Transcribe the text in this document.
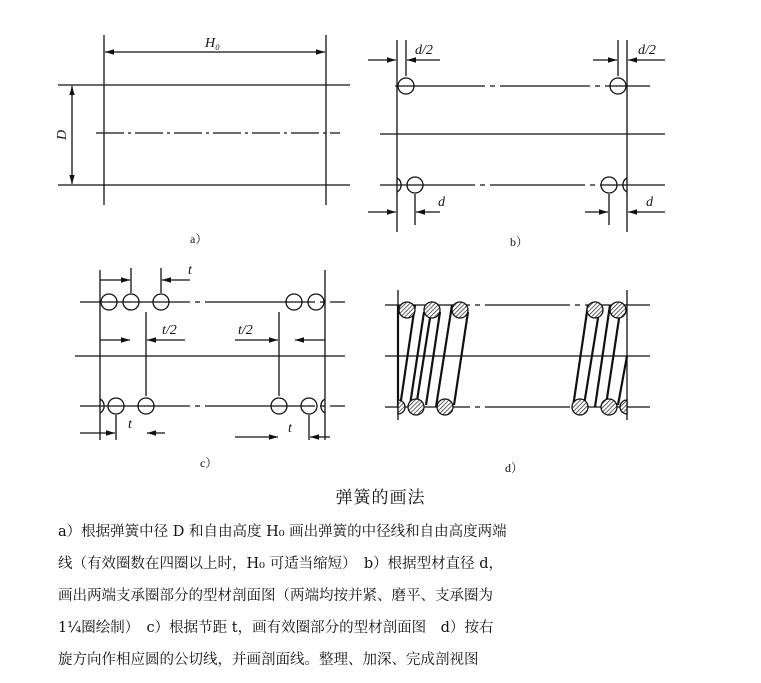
H₀
D
a）
d/2	d/2
d	d
b）
t
t/2	t/2
t	t
c）	d）
弹簧的画法

a）根据弹簧中径 D 和自由高度 H₀ 画出弹簧的中径线和自由高度两端

线（有效圈数在四圈以上时，H₀ 可适当缩短）　b）根据型材直径 d，

画出两端支承圈部分的型材剖面图（两端均按并紧、磨平、支承圈为

1¼圈绘制）　c）根据节距 t，画有效圈部分的型材剖面图　d）按右

旋方向作相应圆的公切线，并画剖面线。整理、加深、完成剖视图
